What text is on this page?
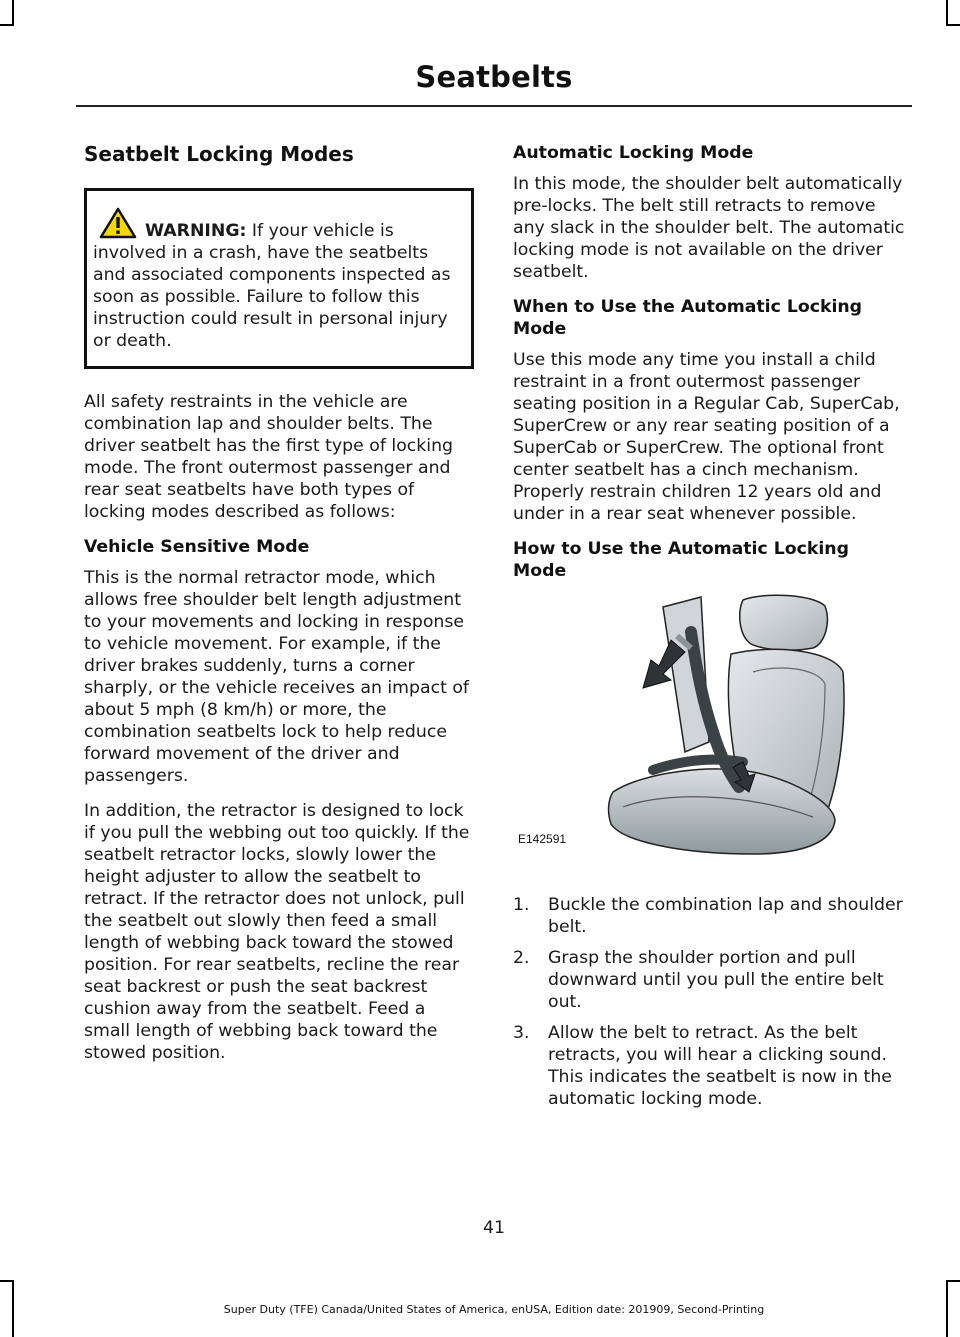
Seatbelts
Seatbelt Locking Modes

WARNING: If your vehicle is involved in a crash, have the seatbelts and associated components inspected as soon as possible. Failure to follow this instruction could result in personal injury or death.

All safety restraints in the vehicle are combination lap and shoulder belts. The driver seatbelt has the first type of locking mode. The front outermost passenger and rear seat seatbelts have both types of locking modes described as follows:

Vehicle Sensitive Mode

This is the normal retractor mode, which allows free shoulder belt length adjustment to your movements and locking in response to vehicle movement. For example, if the driver brakes suddenly, turns a corner sharply, or the vehicle receives an impact of about 5 mph (8 km/h) or more, the combination seatbelts lock to help reduce forward movement of the driver and passengers.

In addition, the retractor is designed to lock if you pull the webbing out too quickly. If the seatbelt retractor locks, slowly lower the height adjuster to allow the seatbelt to retract. If the retractor does not unlock, pull the seatbelt out slowly then feed a small length of webbing back toward the stowed position. For rear seatbelts, recline the rear seat backrest or push the seat backrest cushion away from the seatbelt. Feed a small length of webbing back toward the stowed position.

Automatic Locking Mode

In this mode, the shoulder belt automatically pre-locks. The belt still retracts to remove any slack in the shoulder belt. The automatic locking mode is not available on the driver seatbelt.

When to Use the Automatic Locking Mode

Use this mode any time you install a child restraint in a front outermost passenger seating position in a Regular Cab, SuperCab, SuperCrew or any rear seating position of a SuperCab or SuperCrew. The optional front center seatbelt has a cinch mechanism. Properly restrain children 12 years old and under in a rear seat whenever possible.

How to Use the Automatic Locking Mode
E142591
1. Buckle the combination lap and shoulder belt.
2. Grasp the shoulder portion and pull downward until you pull the entire belt out.
3. Allow the belt to retract. As the belt retracts, you will hear a clicking sound. This indicates the seatbelt is now in the automatic locking mode.
41
Super Duty (TFE) Canada/United States of America, enUSA, Edition date: 201909, Second-Printing
